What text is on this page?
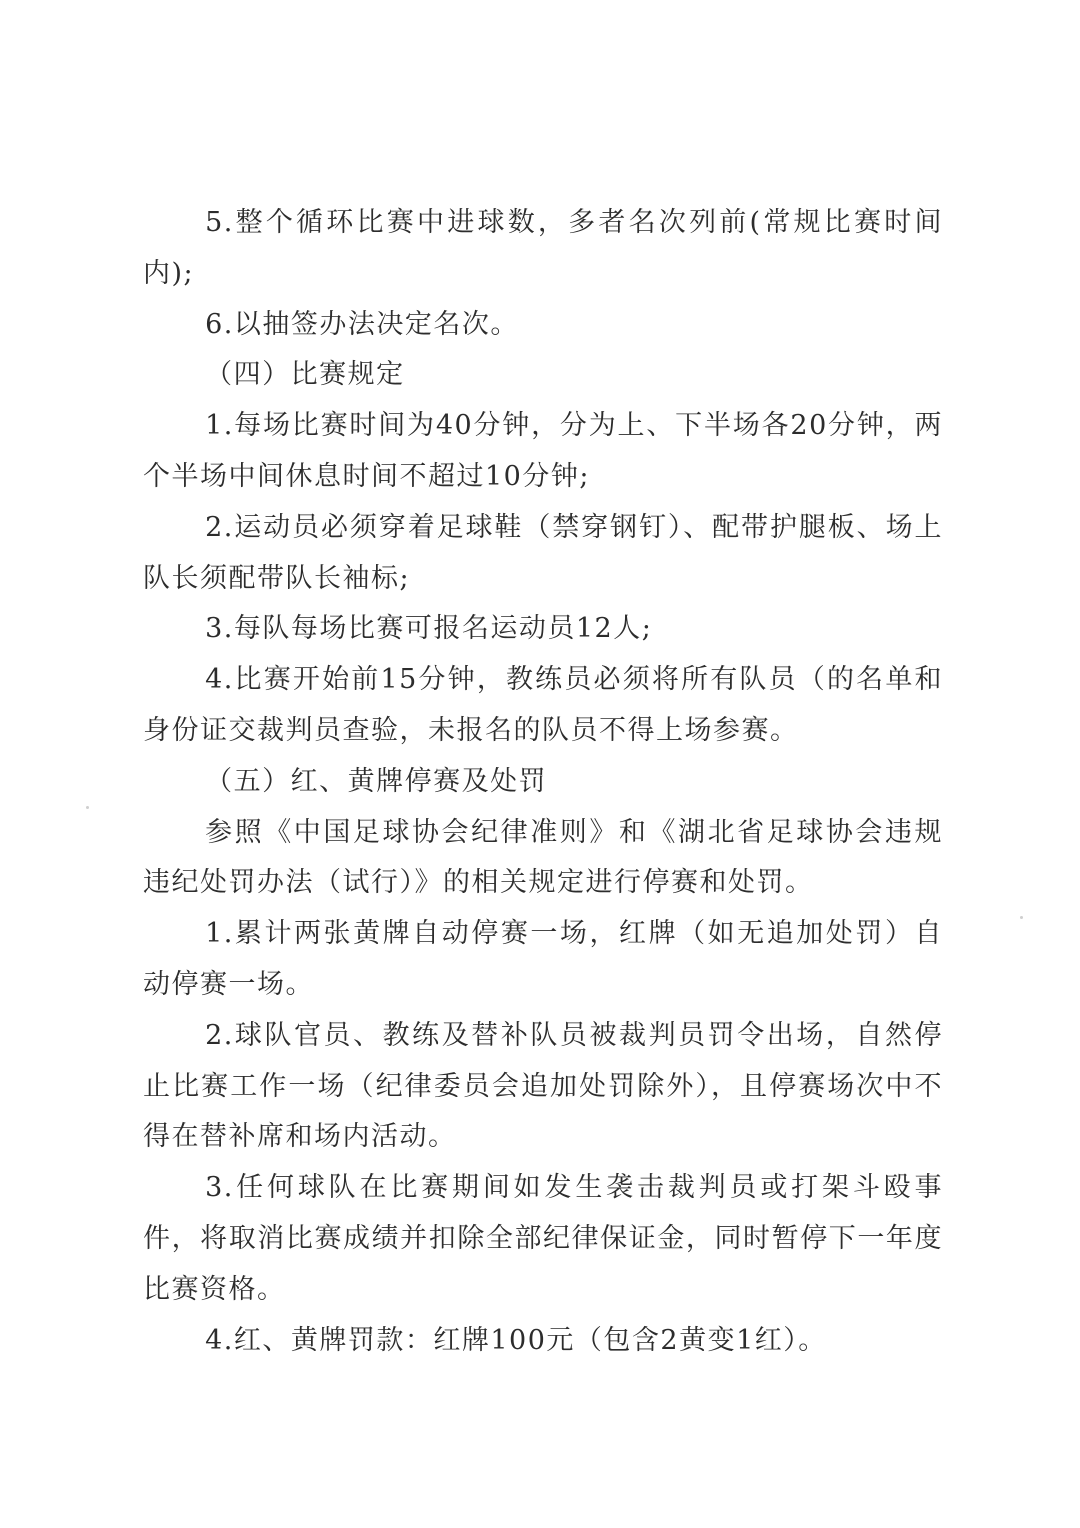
5.整个循环比赛中进球数，多者名次列前(常规比赛时间内);

6.以抽签办法决定名次。

（四）比赛规定

1.每场比赛时间为40分钟，分为上、下半场各20分钟，两个半场中间休息时间不超过10分钟;

2.运动员必须穿着足球鞋（禁穿钢钉）、配带护腿板、场上队长须配带队长袖标;

3.每队每场比赛可报名运动员12人;

4.比赛开始前15分钟，教练员必须将所有队员（的名单和身份证交裁判员查验，未报名的队员不得上场参赛。

（五）红、黄牌停赛及处罚

参照《中国足球协会纪律准则》和《湖北省足球协会违规违纪处罚办法（试行）》的相关规定进行停赛和处罚。

1.累计两张黄牌自动停赛一场，红牌（如无追加处罚）自动停赛一场。

2.球队官员、教练及替补队员被裁判员罚令出场，自然停止比赛工作一场（纪律委员会追加处罚除外），且停赛场次中不得在替补席和场内活动。

3.任何球队在比赛期间如发生袭击裁判员或打架斗殴事件，将取消比赛成绩并扣除全部纪律保证金，同时暂停下一年度比赛资格。

4.红、黄牌罚款：红牌100元（包含2黄变1红）。
